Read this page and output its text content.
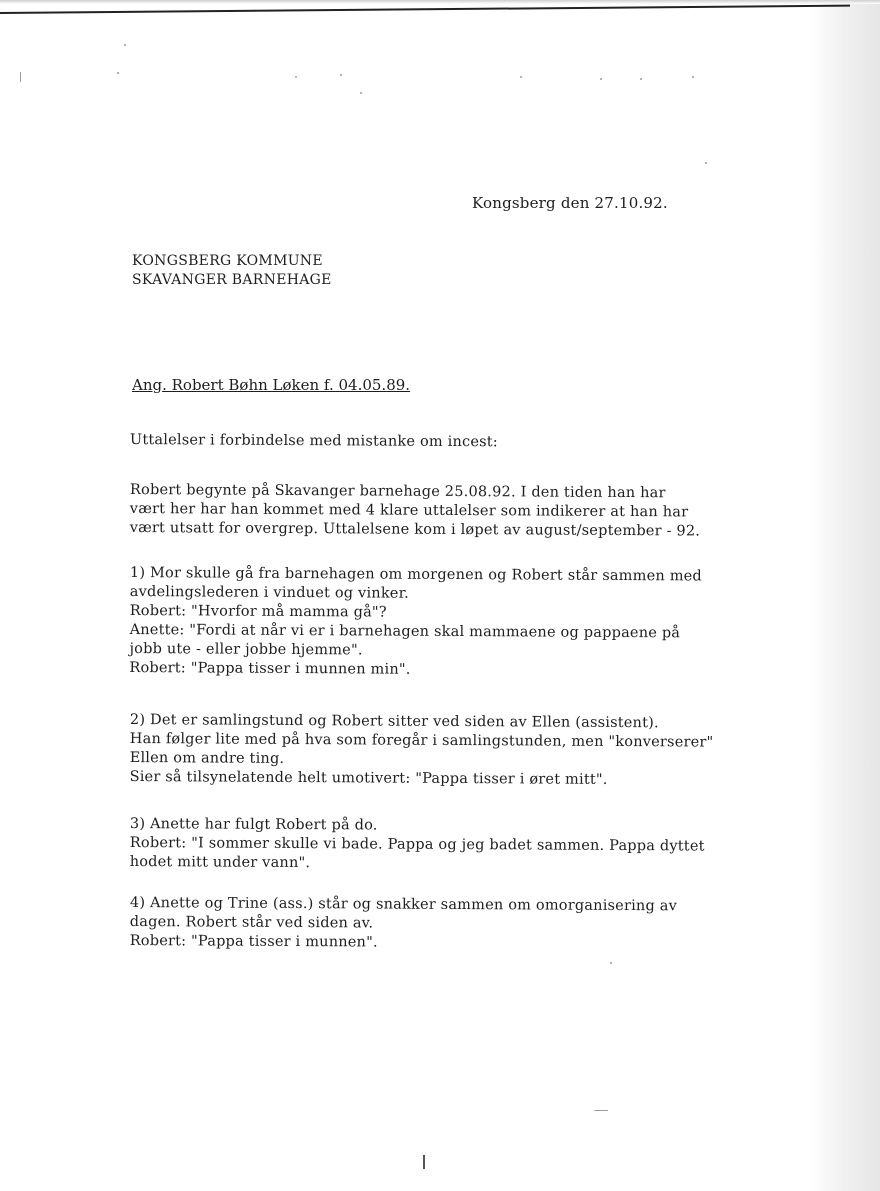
Kongsberg den 27.10.92.
KONGSBERG KOMMUNE
SKAVANGER BARNEHAGE
Ang. Robert Bøhn Løken f. 04.05.89.
Uttalelser i forbindelse med mistanke om incest:
Robert begynte på Skavanger barnehage 25.08.92. I den tiden han har
vært her har han kommet med 4 klare uttalelser som indikerer at han har
vært utsatt for overgrep. Uttalelsene kom i løpet av august/september - 92.
1) Mor skulle gå fra barnehagen om morgenen og Robert står sammen med
avdelingslederen i vinduet og vinker.
Robert: "Hvorfor må mamma gå"?
Anette: "Fordi at når vi er i barnehagen skal mammaene og pappaene på
jobb ute - eller jobbe hjemme".
Robert: "Pappa tisser i munnen min".
2) Det er samlingstund og Robert sitter ved siden av Ellen (assistent).
Han følger lite med på hva som foregår i samlingstunden, men "konverserer"
Ellen om andre ting.
Sier så tilsynelatende helt umotivert: "Pappa tisser i øret mitt".
3) Anette har fulgt Robert på do.
Robert: "I sommer skulle vi bade. Pappa og jeg badet sammen. Pappa dyttet
hodet mitt under vann".
4) Anette og Trine (ass.) står og snakker sammen om omorganisering av
dagen. Robert står ved siden av.
Robert: "Pappa tisser i munnen".
